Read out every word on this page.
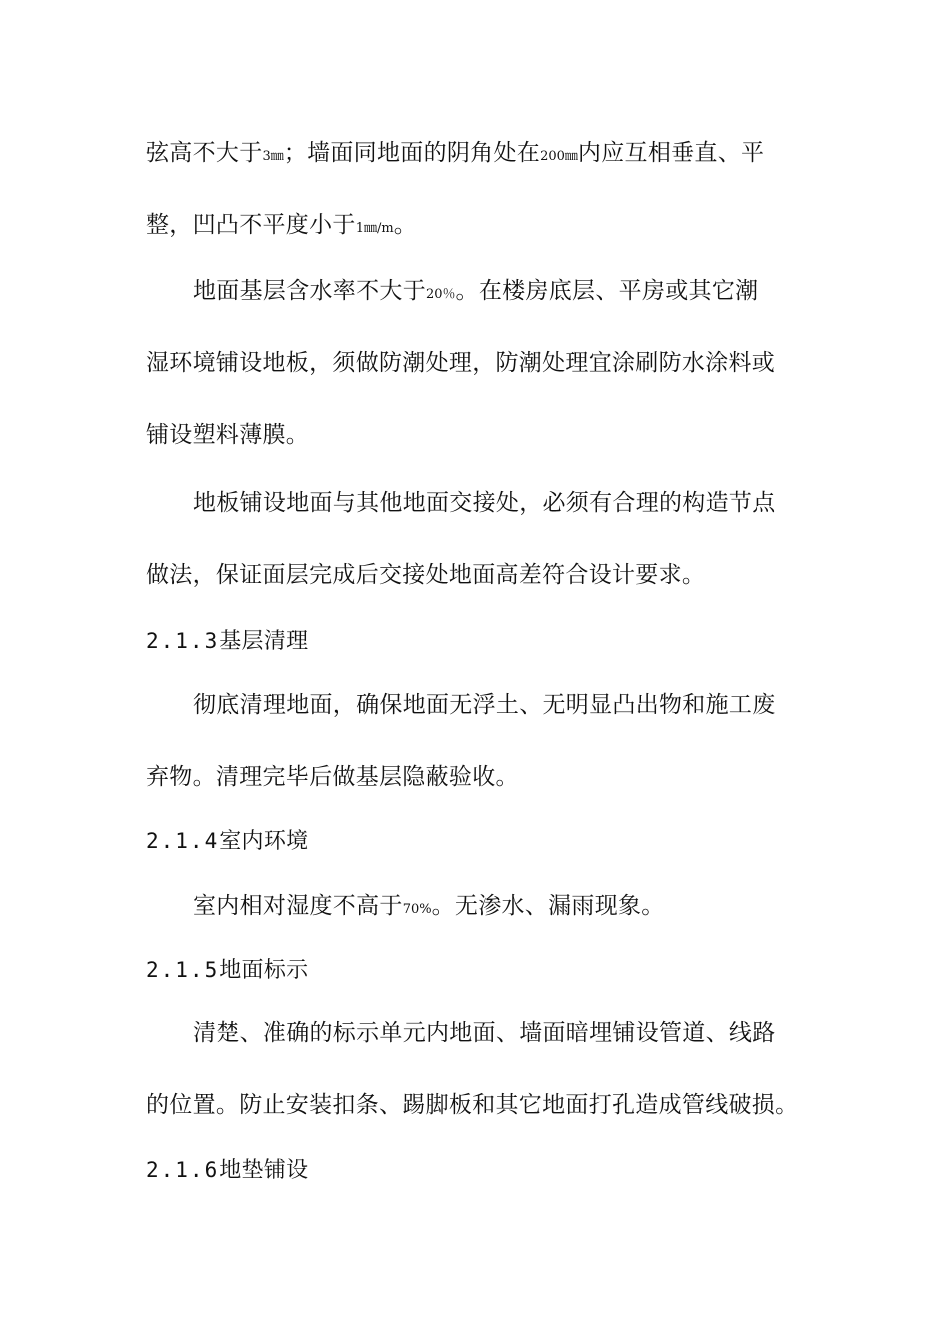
弦高不大于3㎜；墙面同地面的阴角处在200㎜内应互相垂直、平
整，凹凸不平度小于1㎜/m。
地面基层含水率不大于20％。在楼房底层、平房或其它潮
湿环境铺设地板，须做防潮处理，防潮处理宜涂刷防水涂料或
铺设塑料薄膜。
地板铺设地面与其他地面交接处，必须有合理的构造节点
做法，保证面层完成后交接处地面高差符合设计要求。
2.1.3基层清理
彻底清理地面，确保地面无浮土、无明显凸出物和施工废
弃物。清理完毕后做基层隐蔽验收。
2.1.4室内环境
室内相对湿度不高于70%。无渗水、漏雨现象。
2.1.5地面标示
清楚、准确的标示单元内地面、墙面暗埋铺设管道、线路
的位置。防止安装扣条、踢脚板和其它地面打孔造成管线破损。
2.1.6地垫铺设
